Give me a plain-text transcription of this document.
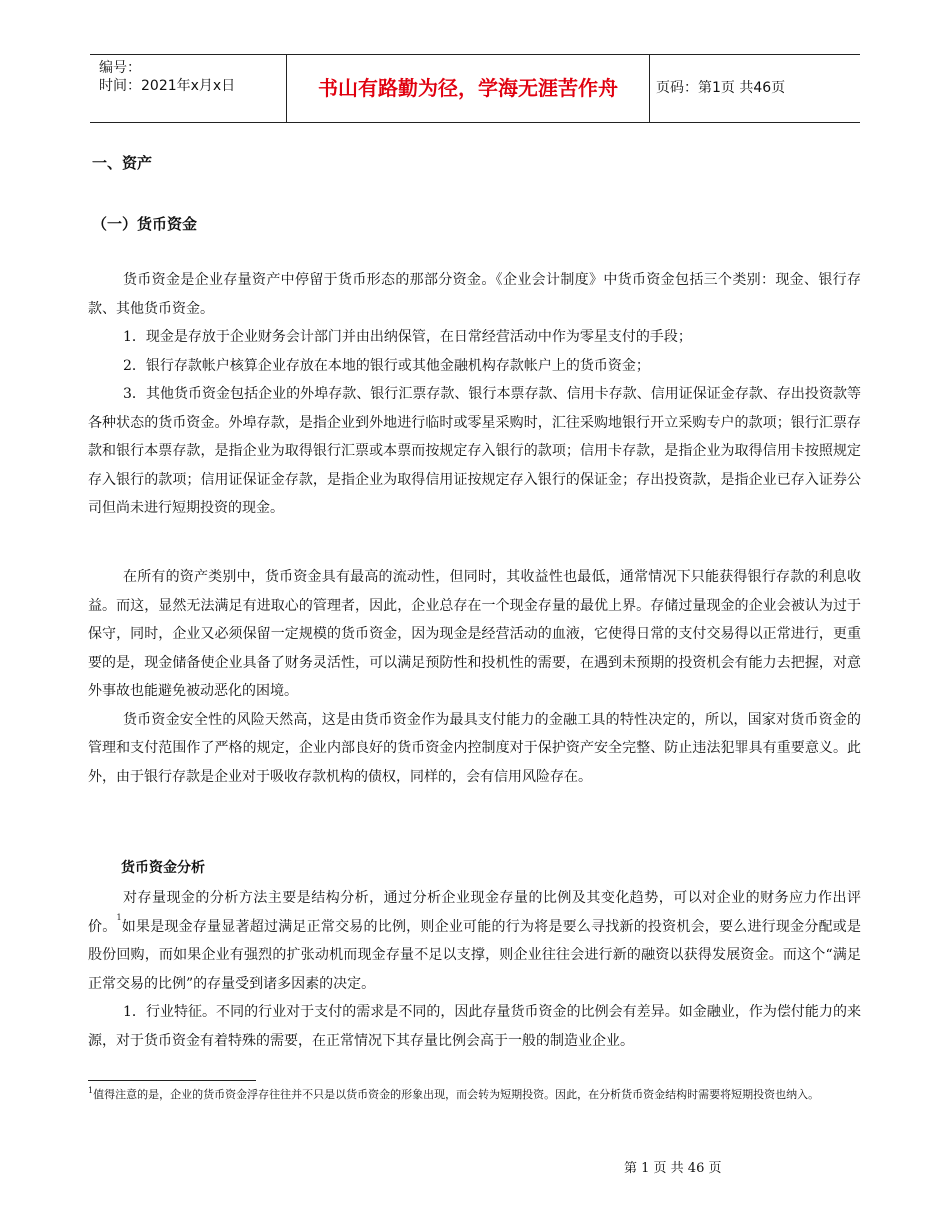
编号：
时间：2021年x月x日	书山有路勤为径，学海无涯苦作舟	页码：第1页 共46页
一、资产
（一）货币资金

货币资金是企业存量资产中停留于货币形态的那部分资金。《企业会计制度》中货币资金包括三个类别：现金、银行存款、其他货币资金。

1．现金是存放于企业财务会计部门并由出纳保管，在日常经营活动中作为零星支付的手段；

2．银行存款帐户核算企业存放在本地的银行或其他金融机构存款帐户上的货币资金；

3．其他货币资金包括企业的外埠存款、银行汇票存款、银行本票存款、信用卡存款、信用证保证金存款、存出投资款等各种状态的货币资金。外埠存款，是指企业到外地进行临时或零星采购时，汇往采购地银行开立采购专户的款项；银行汇票存款和银行本票存款，是指企业为取得银行汇票或本票而按规定存入银行的款项；信用卡存款，是指企业为取得信用卡按照规定存入银行的款项；信用证保证金存款，是指企业为取得信用证按规定存入银行的保证金；存出投资款，是指企业已存入证券公司但尚未进行短期投资的现金。

在所有的资产类别中，货币资金具有最高的流动性，但同时，其收益性也最低，通常情况下只能获得银行存款的利息收益。而这，显然无法满足有进取心的管理者，因此，企业总存在一个现金存量的最优上界。存储过量现金的企业会被认为过于保守，同时，企业又必须保留一定规模的货币资金，因为现金是经营活动的血液，它使得日常的支付交易得以正常进行，更重要的是，现金储备使企业具备了财务灵活性，可以满足预防性和投机性的需要，在遇到未预期的投资机会有能力去把握，对意外事故也能避免被动恶化的困境。

货币资金安全性的风险天然高，这是由货币资金作为最具支付能力的金融工具的特性决定的，所以，国家对货币资金的管理和支付范围作了严格的规定，企业内部良好的货币资金内控制度对于保护资产安全完整、防止违法犯罪具有重要意义。此外，由于银行存款是企业对于吸收存款机构的债权，同样的，会有信用风险存在。

货币资金分析

对存量现金的分析方法主要是结构分析，通过分析企业现金存量的比例及其变化趋势，可以对企业的财务应力作出评价。$^1$如果是现金存量显著超过满足正常交易的比例，则企业可能的行为将是要么寻找新的投资机会，要么进行现金分配或是股份回购，而如果企业有强烈的扩张动机而现金存量不足以支撑，则企业往往会进行新的融资以获得发展资金。而这个“满足正常交易的比例”的存量受到诸多因素的决定。

1．行业特征。不同的行业对于支付的需求是不同的，因此存量货币资金的比例会有差异。如金融业，作为偿付能力的来源，对于货币资金有着特殊的需要，在正常情况下其存量比例会高于一般的制造业企业。

$^1$值得注意的是，企业的货币资金浮存往往并不只是以货币资金的形象出现，而会转为短期投资。因此，在分析货币资金结构时需要将短期投资也纳入。
第 1 页 共 46 页
